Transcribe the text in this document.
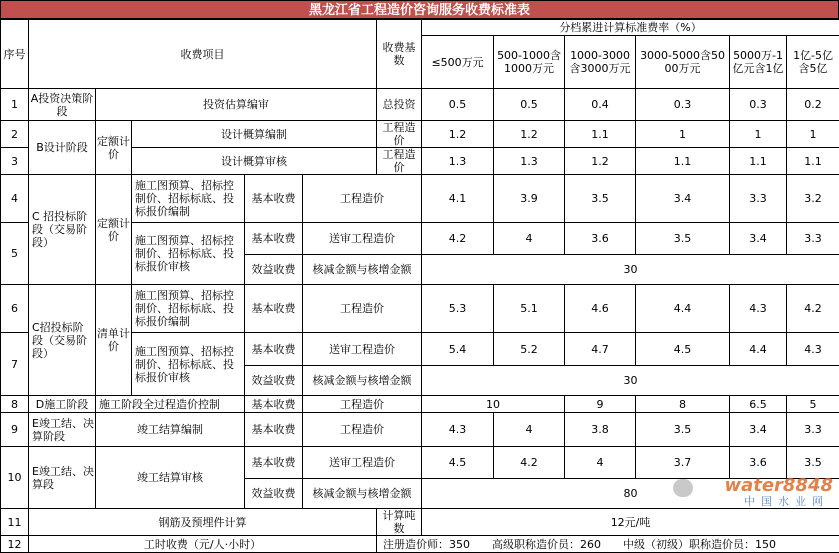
黑龙江省工程造价咨询服务收费标准表
序号	收费项目					收费基数	分档累进计算标准费率（%）						
							≤500万元	500-1000含1000万元	1000-3000含3000万元	3000-5000含5000万元	5000万-1亿元含1亿	1亿-5亿含5亿	
1	A投资决策阶段	投资估算编审				总投资	0.5	0.5	0.4	0.3	0.3	0.2	
2	B设计阶段	定额计价	设计概算编制			工程造价	1.2	1.2	1.1	1	1	1	
3			设计概算审核			工程造价	1.3	1.3	1.2	1.1	1.1	1.1	
4	C 招投标阶段（交易阶段）	定额计价	施工图预算、招标控制价、招标标底、投标报价编制	基本收费	工程造价		4.1	3.9	3.5	3.4	3.3	3.2	
5			施工图预算、招标控制价、招标标底、投标报价审核	基本收费	送审工程造价		4.2	4	3.6	3.5	3.4	3.3	
				效益收费	核减金额与核增金额		30						
6	C招投标阶段（交易阶段）	清单计价	施工图预算、招标控制价、招标标底、投标报价编制	基本收费	工程造价		5.3	5.1	4.6	4.4	4.3	4.2	
7			施工图预算、招标控制价、招标标底、投标报价审核	基本收费	送审工程造价		5.4	5.2	4.7	4.5	4.4	4.3	
				效益收费	核减金额与核增金额		30						
8	D施工阶段	施工阶段全过程造价控制		基本收费	工程造价		10		9	8	6.5	5	
9	E竣工结、决算阶段	竣工结算编制		基本收费	工程造价		4.3	4	3.8	3.5	3.4	3.3	
10	E竣工结、决算段	竣工结算审核		基本收费	送审工程造价		4.5	4.2	4	3.7	3.6	3.5	
				效益收费	核减金额与核增金额		80						
11	钢筋及预埋件计算					计算吨数	12元/吨						
12	工时收费（元/人·小时）					注册造价师：350　　高级职称造价员：260　　中级（初级）职称造价员：150							
water8848
中国水业网
